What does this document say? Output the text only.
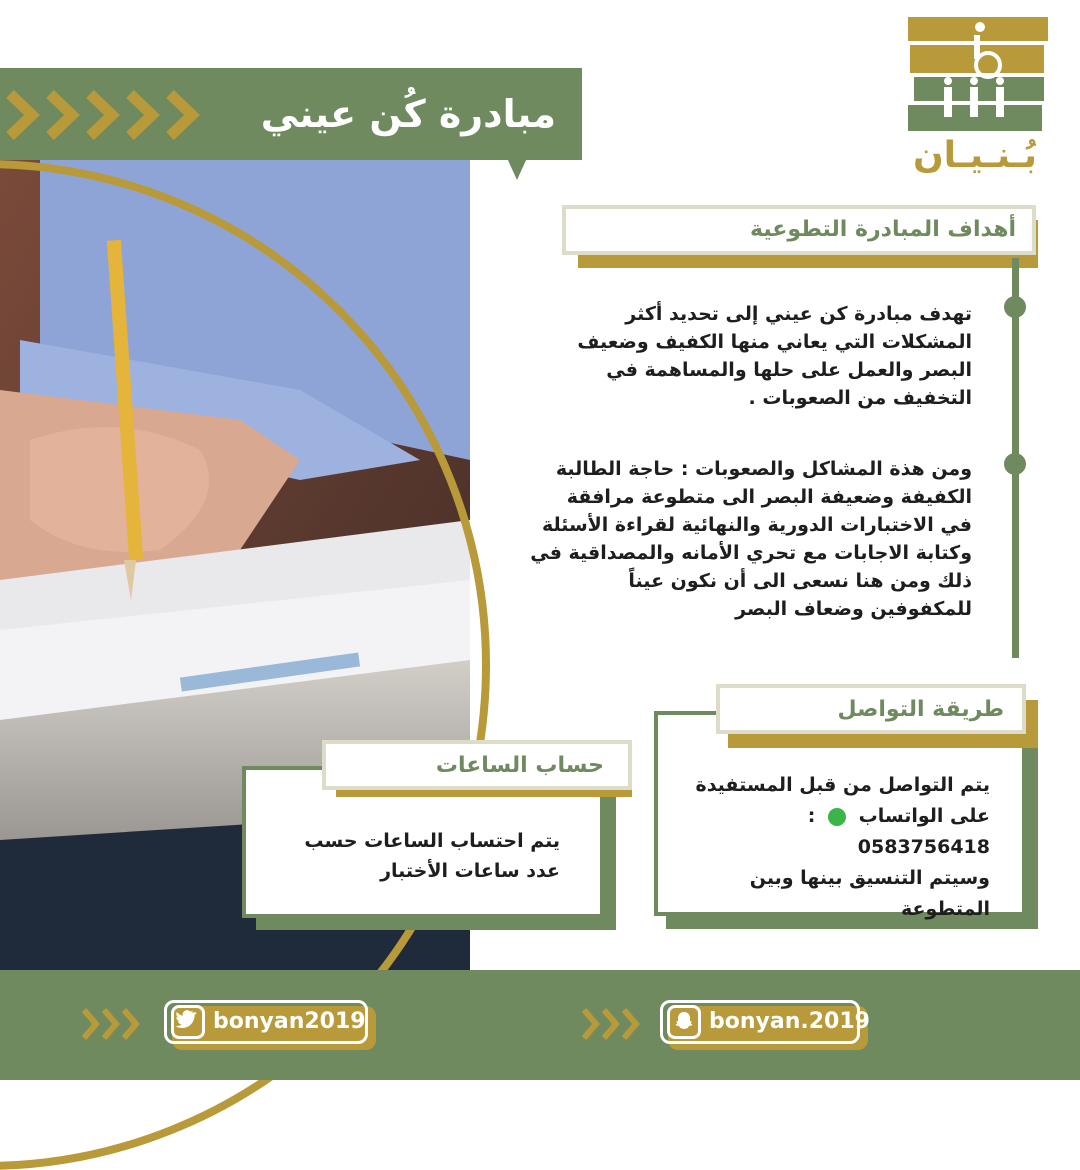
مبادرة كُن عيني
بُـنـيـان
أهداف المبادرة التطوعية
تهدف مبادرة كن عيني إلى تحديد أكثر
المشكلات التي يعاني منها الكفيف وضعيف
البصر والعمل على حلها والمساهمة في
التخفيف من الصعوبات .
ومن هذة المشاكل والصعوبات : حاجة الطالبة
الكفيفة وضعيفة البصر الى متطوعة مرافقة
في الاختبارات الدورية والنهائية لقراءة الأسئلة
وكتابة الاجابات مع تحري الأمانه والمصداقية في
ذلك ومن هنا نسعى الى أن نكون عيناً
للمكفوفين وضعاف البصر
طريقة التواصل
يتم التواصل من قبل المستفيدة
على الواتساب  : 0583756418
وسيتم التنسيق بينها وبين
المتطوعة
حساب الساعات
يتم احتساب الساعات حسب
عدد ساعات الأختبار
bonyan2019	bonyan.2019
